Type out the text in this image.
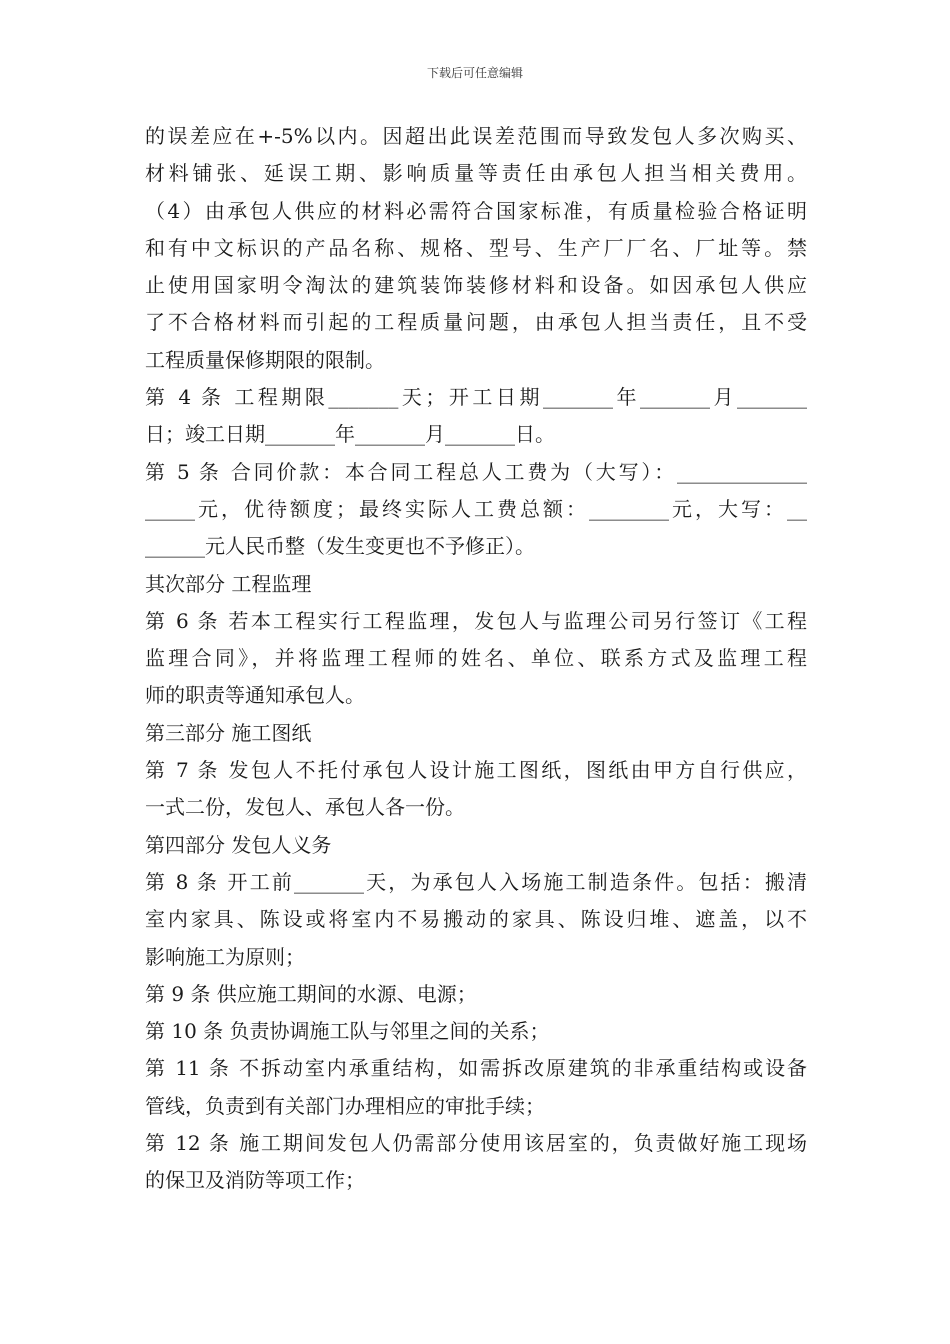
下载后可任意编辑
的误差应在+-5%以内。因超出此误差范围而导致发包人多次购买、
材料铺张、延误工期、影响质量等责任由承包人担当相关费用。
（4）由承包人供应的材料必需符合国家标准，有质量检验合格证明
和有中文标识的产品名称、规格、型号、生产厂厂名、厂址等。禁
止使用国家明令淘汰的建筑装饰装修材料和设备。如因承包人供应
了不合格材料而引起的工程质量问题，由承包人担当责任，且不受
工程质量保修期限的限制。
第 4 条 工程期限_______天；开工日期_______年_______月_______
日；竣工日期_______年_______月_______日。
第 5 条 合同价款：本合同工程总人工费为（大写）：_____________
_____元，优待额度；最终实际人工费总额：________元，大写：__
______元人民币整（发生变更也不予修正）。
其次部分 工程监理
第 6 条 若本工程实行工程监理，发包人与监理公司另行签订《工程
监理合同》，并将监理工程师的姓名、单位、联系方式及监理工程
师的职责等通知承包人。
第三部分 施工图纸
第 7 条 发包人不托付承包人设计施工图纸，图纸由甲方自行供应，
一式二份，发包人、承包人各一份。
第四部分 发包人义务
第 8 条 开工前_______天，为承包人入场施工制造条件。包括：搬清
室内家具、陈设或将室内不易搬动的家具、陈设归堆、遮盖，以不
影响施工为原则；
第 9 条 供应施工期间的水源、电源；
第 10 条 负责协调施工队与邻里之间的关系；
第 11 条 不拆动室内承重结构，如需拆改原建筑的非承重结构或设备
管线，负责到有关部门办理相应的审批手续；
第 12 条 施工期间发包人仍需部分使用该居室的，负责做好施工现场
的保卫及消防等项工作；
